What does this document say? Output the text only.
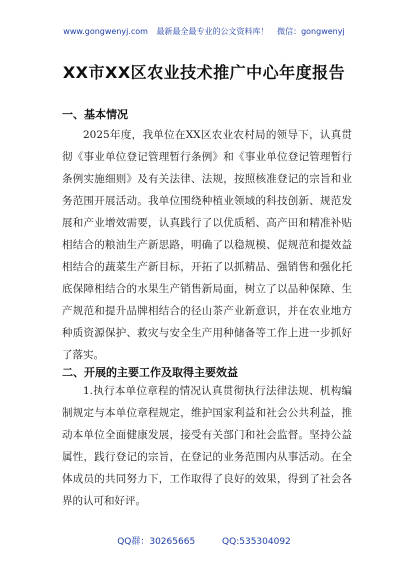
www.gongwenyj.com 最新最全最专业的公文资料库！ 微信：gongwenyj
XX市XX区农业技术推广中心年度报告
一、基本情况

2025年度，我单位在XX区农业农村局的领导下，认真贯彻《事业单位登记管理暂行条例》和《事业单位登记管理暂行条例实施细则》及有关法律、法规，按照核准登记的宗旨和业务范围开展活动。我单位围绕种植业领域的科技创新、规范发展和产业增效需要，认真践行了以优质稻、高产田和精准补贴相结合的粮油生产新思路，明确了以稳规模、促规范和提效益相结合的蔬菜生产新目标，开拓了以抓精品、强销售和强化托底保障相结合的水果生产销售新局面，树立了以品种保障、生产规范和提升品牌相结合的径山茶产业新意识，并在农业地方种质资源保护、救灾与安全生产用种储备等工作上进一步抓好了落实。

二、开展的主要工作及取得主要效益

1.执行本单位章程的情况认真贯彻执行法律法规、机构编制规定与本单位章程规定，维护国家利益和社会公共利益，推动本单位全面健康发展，接受有关部门和社会监督。坚持公益属性，践行登记的宗旨，在登记的业务范围内从事活动。在全体成员的共同努力下，工作取得了良好的效果，得到了社会各界的认可和好评。

QQ群：30265665	QQ:535304092
